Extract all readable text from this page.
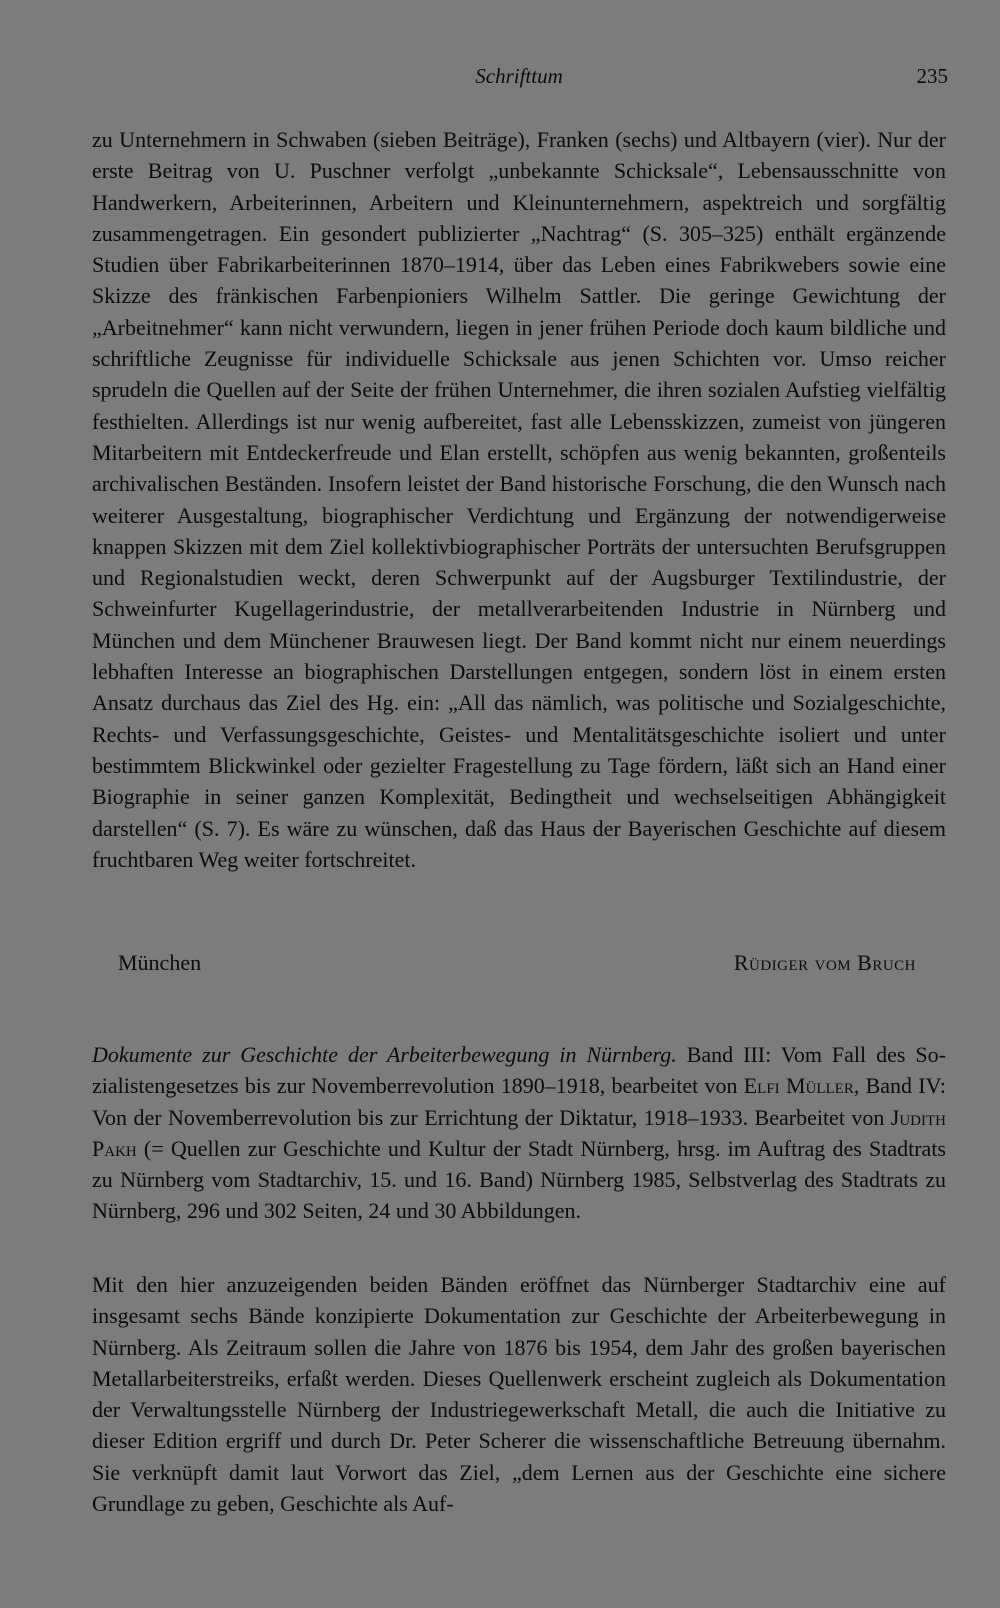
Schrifttum	235
zu Unternehmern in Schwaben (sieben Beiträge), Franken (sechs) und Altbayern (vier). Nur der erste Beitrag von U. Puschner verfolgt „unbekannte Schicksale“, Lebensausschnitte von Handwerkern, Arbeiterinnen, Arbeitern und Kleinunternehmern, aspektreich und sorgfältig zusammengetragen. Ein gesondert publizierter „Nachtrag“ (S. 305–325) enthält ergänzende Studien über Fabrikarbeiterinnen 1870–1914, über das Leben eines Fabrikwebers sowie eine Skizze des fränkischen Farbenpioniers Wilhelm Sattler. Die geringe Gewichtung der „Arbeitnehmer“ kann nicht verwundern, liegen in jener frühen Periode doch kaum bildliche und schriftliche Zeugnisse für individuelle Schicksale aus jenen Schichten vor. Umso reicher sprudeln die Quellen auf der Seite der frühen Unternehmer, die ihren sozialen Aufstieg vielfältig festhielten. Allerdings ist nur wenig aufbereitet, fast alle Lebensskizzen, zumeist von jüngeren Mitarbeitern mit Entdeckerfreude und Elan erstellt, schöpfen aus wenig bekannten, großenteils archivalischen Beständen. Insofern leistet der Band historische Forschung, die den Wunsch nach weiterer Ausgestaltung, biographischer Verdichtung und Ergänzung der notwendigerweise knappen Skizzen mit dem Ziel kollektivbiographischer Porträts der untersuchten Berufsgruppen und Regionalstudien weckt, deren Schwerpunkt auf der Augsburger Textilindustrie, der Schweinfurter Kugellagerindustrie, der metallverarbeitenden Industrie in Nürnberg und München und dem Münchener Brauwesen liegt. Der Band kommt nicht nur einem neuerdings lebhaften Interesse an biographischen Darstellungen entgegen, sondern löst in einem ersten Ansatz durchaus das Ziel des Hg. ein: „All das nämlich, was politische und Sozialgeschichte, Rechts- und Verfassungsgeschichte, Geistes- und Mentalitätsgeschichte isoliert und unter bestimmtem Blickwinkel oder gezielter Fragestellung zu Tage fördern, läßt sich an Hand einer Biographie in seiner ganzen Komplexität, Bedingtheit und wechselseitigen Abhängigkeit darstellen“ (S. 7). Es wäre zu wünschen, daß das Haus der Bayerischen Geschichte auf diesem fruchtbaren Weg weiter fortschreitet.
München	Rüdiger vom Bruch
Dokumente zur Geschichte der Arbeiterbewegung in Nürnberg. Band III: Vom Fall des Sozialistengesetzes bis zur Novemberrevolution 1890–1918, bearbeitet von Elfi Müller, Band IV: Von der Novemberrevolution bis zur Errichtung der Diktatur, 1918–1933. Bearbeitet von Judith Pakh (= Quellen zur Geschichte und Kultur der Stadt Nürnberg, hrsg. im Auftrag des Stadtrats zu Nürnberg vom Stadtarchiv, 15. und 16. Band) Nürnberg 1985, Selbstverlag des Stadtrats zu Nürnberg, 296 und 302 Seiten, 24 und 30 Abbildungen.
Mit den hier anzuzeigenden beiden Bänden eröffnet das Nürnberger Stadtarchiv eine auf insgesamt sechs Bände konzipierte Dokumentation zur Geschichte der Arbeiterbewegung in Nürnberg. Als Zeitraum sollen die Jahre von 1876 bis 1954, dem Jahr des großen bayerischen Metallarbeiterstreiks, erfaßt werden. Dieses Quellenwerk erscheint zugleich als Dokumentation der Verwaltungsstelle Nürnberg der Industriegewerkschaft Metall, die auch die Initiative zu dieser Edition ergriff und durch Dr. Peter Scherer die wissenschaftliche Betreuung übernahm. Sie verknüpft damit laut Vorwort das Ziel, „dem Lernen aus der Geschichte eine sichere Grundlage zu geben, Geschichte als Auf-
